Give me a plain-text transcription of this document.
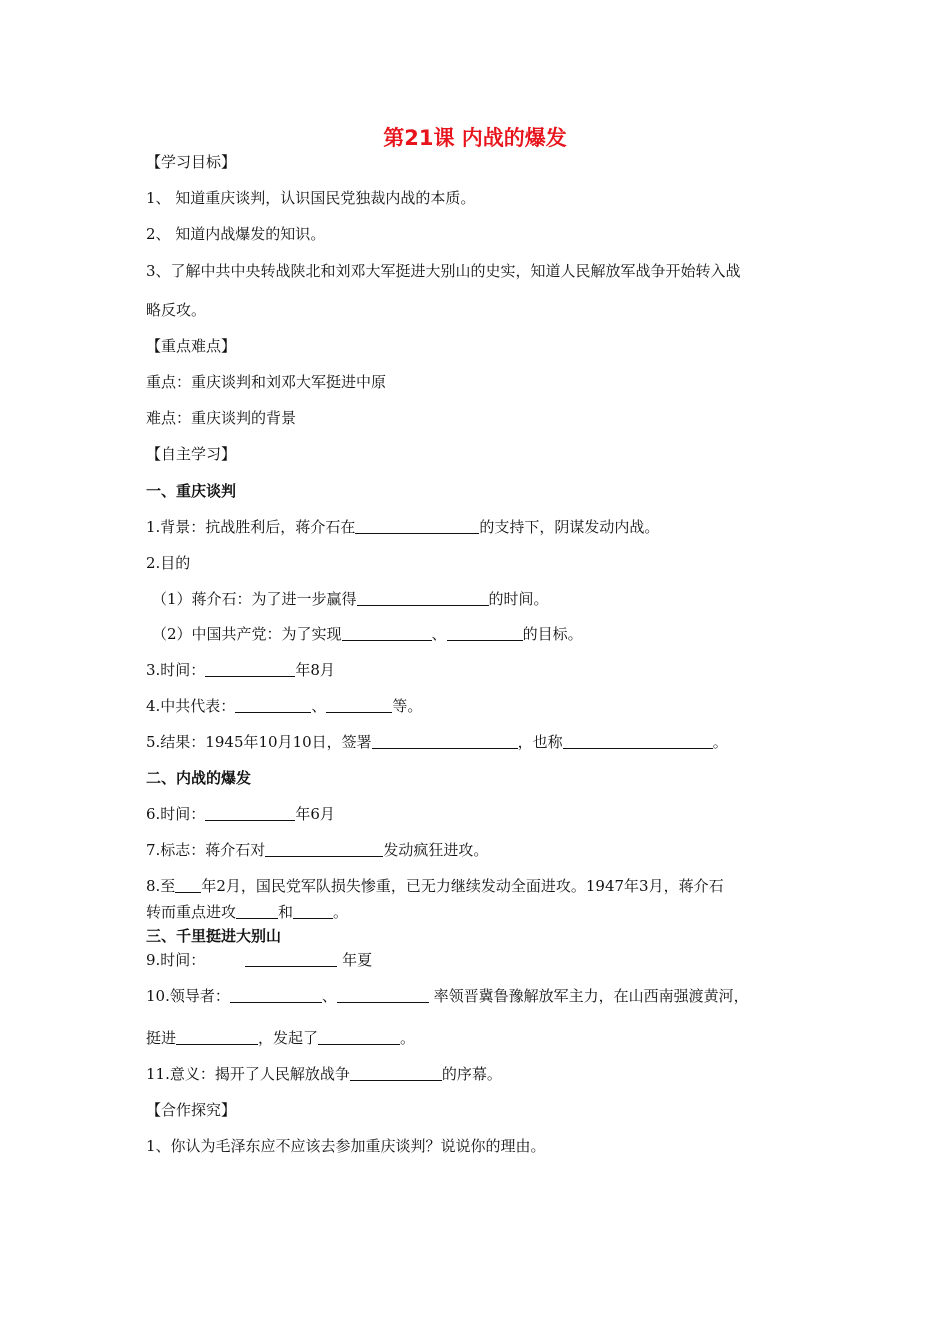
第21课 内战的爆发
【学习目标】
1、 知道重庆谈判，认识国民党独裁内战的本质。
2、 知道内战爆发的知识。
3、了解中共中央转战陕北和刘邓大军挺进大别山的史实，知道人民解放军战争开始转入战
略反攻。
【重点难点】
重点：重庆谈判和刘邓大军挺进中原
难点：重庆谈判的背景
【自主学习】
一、重庆谈判
1.背景：抗战胜利后，蒋介石在	的支持下，阴谋发动内战。
2.目的
（1）蒋介石：为了进一步赢得	的时间。
（2）中国共产党：为了实现	、	的目标。
3.时间：	年8月
4.中共代表：	、	等。
5.结果：1945年10月10日，签署	，也称	。
二、内战的爆发
6.时间：	年6月
7.标志：蒋介石对	发动疯狂进攻。
8.至 年2月，国民党军队损失惨重，已无力继续发动全面进攻。1947年3月，蒋介石
转而重点进攻	和	。
三、千里挺进大别山
9.时间：	年夏
10.领导者：	、	率领晋冀鲁豫解放军主力，在山西南强渡黄河，
挺进	，发起了	。
11.意义：揭开了人民解放战争	的序幕。
【合作探究】
1、你认为毛泽东应不应该去参加重庆谈判？说说你的理由。
